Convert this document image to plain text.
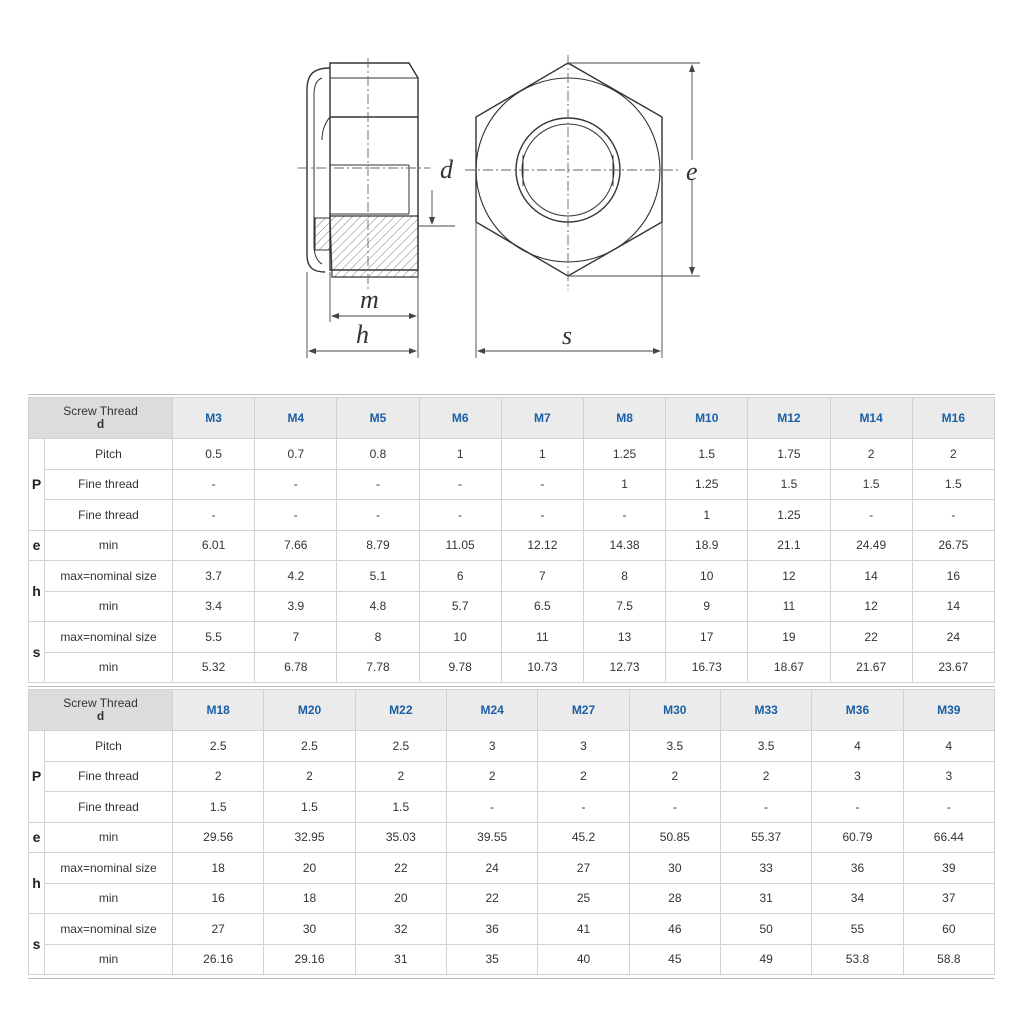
d
m
h
e
s
Screw Thread
d		M3	M4	M5	M6	M7	M8	M10	M12	M14	M16
P	Pitch	0.5	0.7	0.8	1	1	1.25	1.5	1.75	2	2
	Fine thread	-	-	-	-	-	1	1.25	1.5	1.5	1.5
	Fine thread	-	-	-	-	-	-	1	1.25	-	-
e	min	6.01	7.66	8.79	11.05	12.12	14.38	18.9	21.1	24.49	26.75
h	max=nominal size	3.7	4.2	5.1	6	7	8	10	12	14	16
	min	3.4	3.9	4.8	5.7	6.5	7.5	9	11	12	14
s	max=nominal size	5.5	7	8	10	11	13	17	19	22	24
	min	5.32	6.78	7.78	9.78	10.73	12.73	16.73	18.67	21.67	23.67
Screw Thread
d		M18	M20	M22	M24	M27	M30	M33	M36	M39
P	Pitch	2.5	2.5	2.5	3	3	3.5	3.5	4	4
	Fine thread	2	2	2	2	2	2	2	3	3
	Fine thread	1.5	1.5	1.5	-	-	-	-	-	-
e	min	29.56	32.95	35.03	39.55	45.2	50.85	55.37	60.79	66.44
h	max=nominal size	18	20	22	24	27	30	33	36	39
	min	16	18	20	22	25	28	31	34	37
s	max=nominal size	27	30	32	36	41	46	50	55	60
	min	26.16	29.16	31	35	40	45	49	53.8	58.8
